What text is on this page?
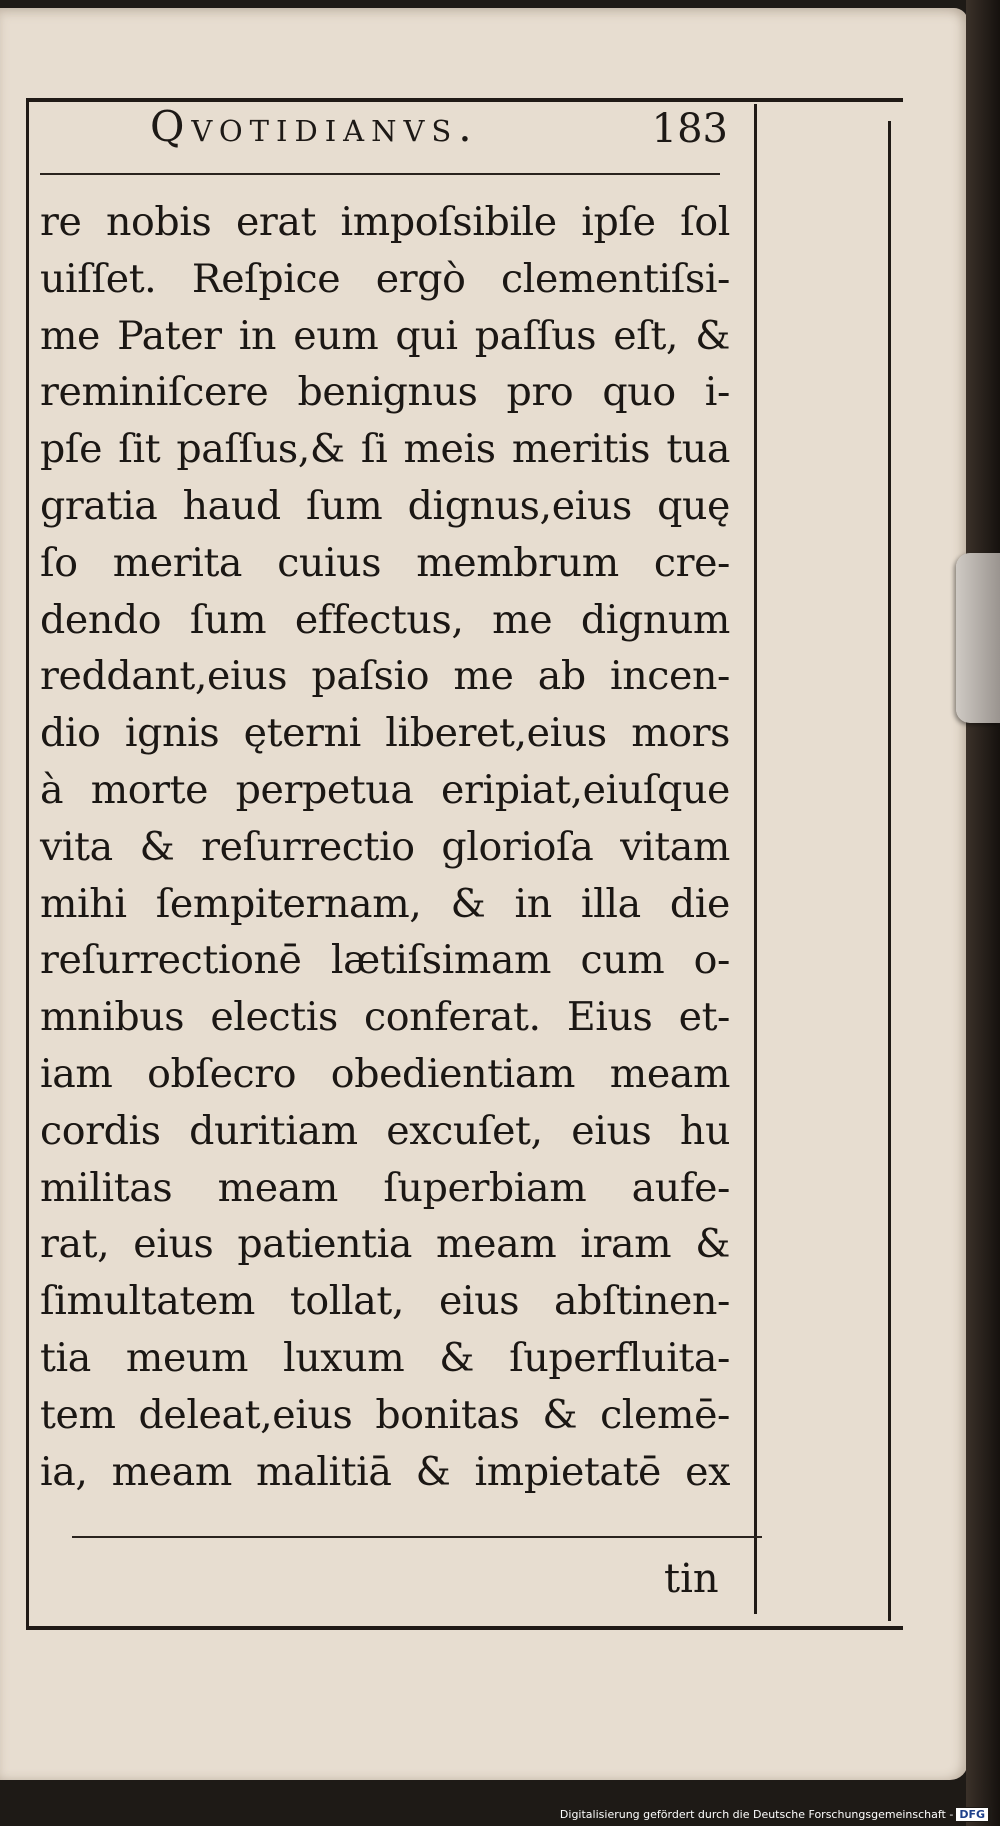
Qvotidianvs.	183
re nobis erat impoſsibile ipſe ſol
uiſſet. Reſpice ergò clementiſsi-
me Pater in eum qui paſſus eſt, &
reminiſcere benignus pro quo i-
pſe ſit paſſus,& ſi meis meritis tua
gratia haud ſum dignus,eius quę
ſo merita cuius membrum cre-
dendo ſum effectus, me dignum
reddant,eius paſsio me ab incen-
dio ignis ęterni liberet,eius mors
à morte perpetua eripiat,eiuſque
vita & reſurrectio glorioſa vitam
mihi ſempiternam, & in illa die
reſurrectionē lætiſsimam cum o-
mnibus electis conferat. Eius et-
iam obſecro obedientiam meam
cordis duritiam excuſet, eius hu
militas meam ſuperbiam aufe-
rat, eius patientia meam iram &
ſimultatem tollat, eius abſtinen-
tia meum luxum & ſuperfluita-
tem deleat,eius bonitas & clemē-
ia, meam malitiā & impietatē ex
tin
Digitalisierung gefördert durch die Deutsche Forschungsgemeinschaft - DFG
